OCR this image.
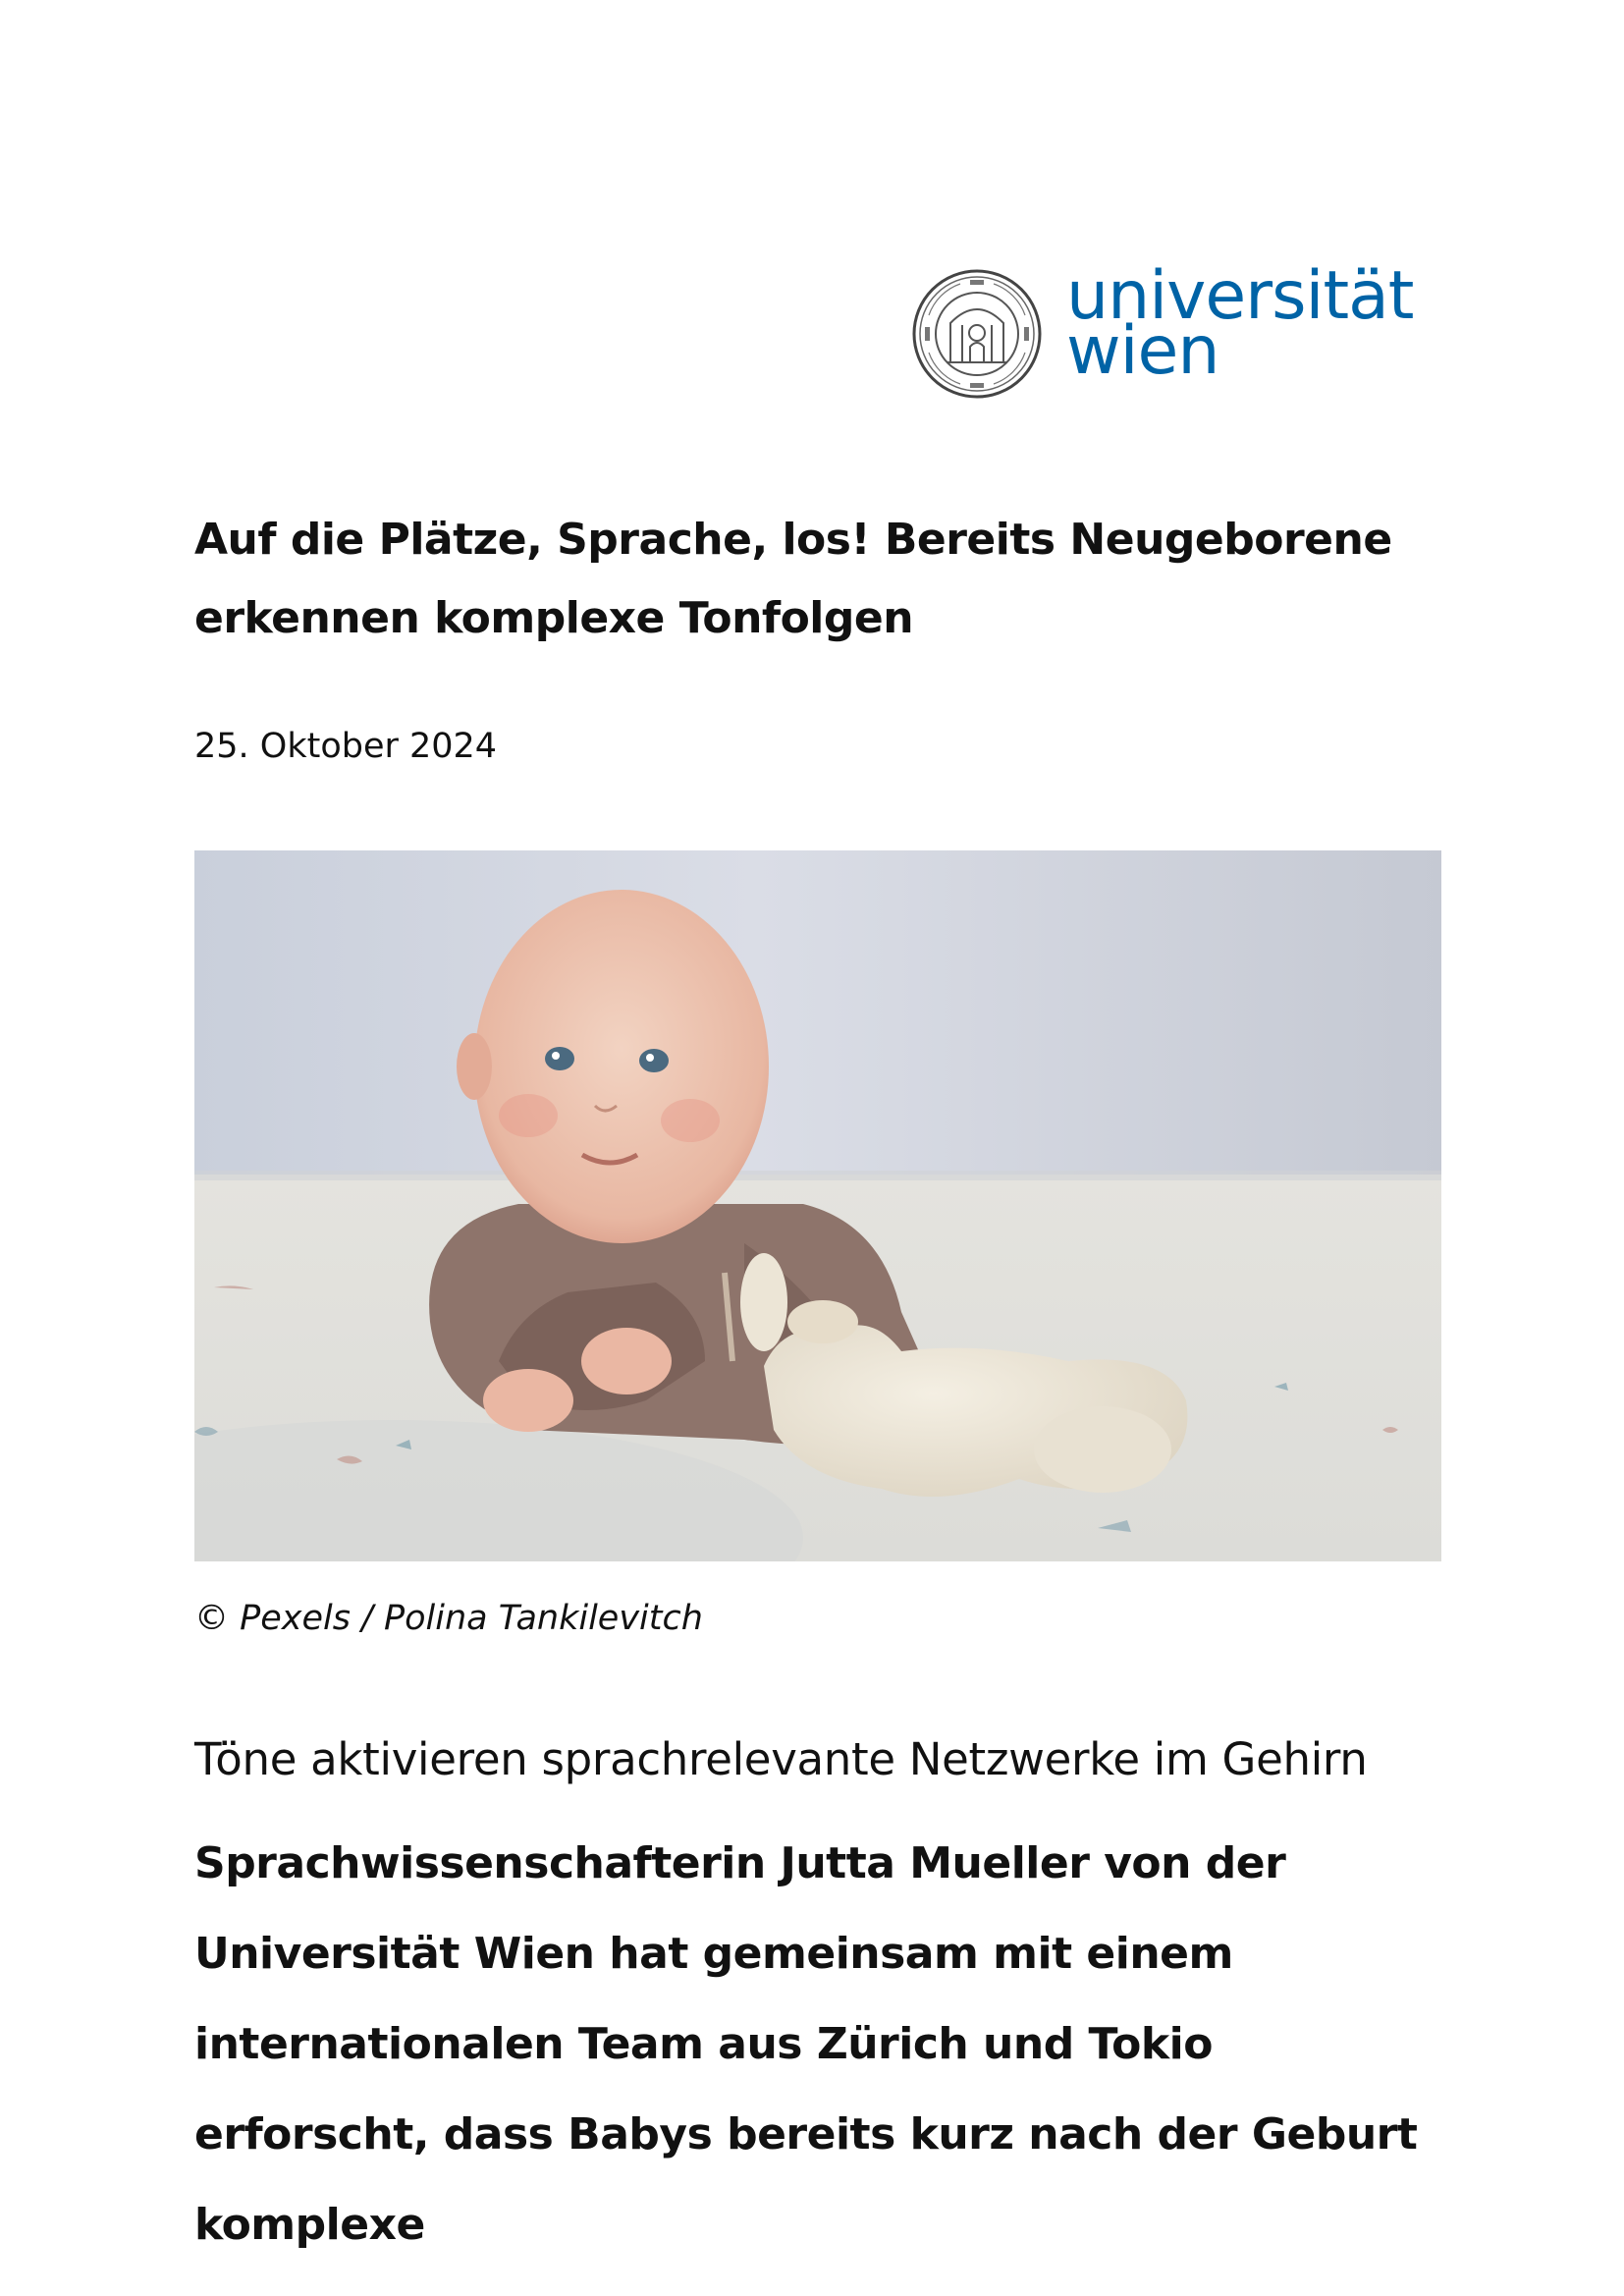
universität
wien
Auf die Plätze, Sprache, los! Bereits Neugeborene erkennen komplexe Tonfolgen

25. Oktober 2024

© Pexels / Polina Tankilevitch

Töne aktivieren sprachrelevante Netzwerke im Gehirn

Sprachwissenschafterin Jutta Mueller von der Universität Wien hat gemeinsam mit einem internationalen Team aus Zürich und Tokio erforscht, dass Babys bereits kurz nach der Geburt komplexe
